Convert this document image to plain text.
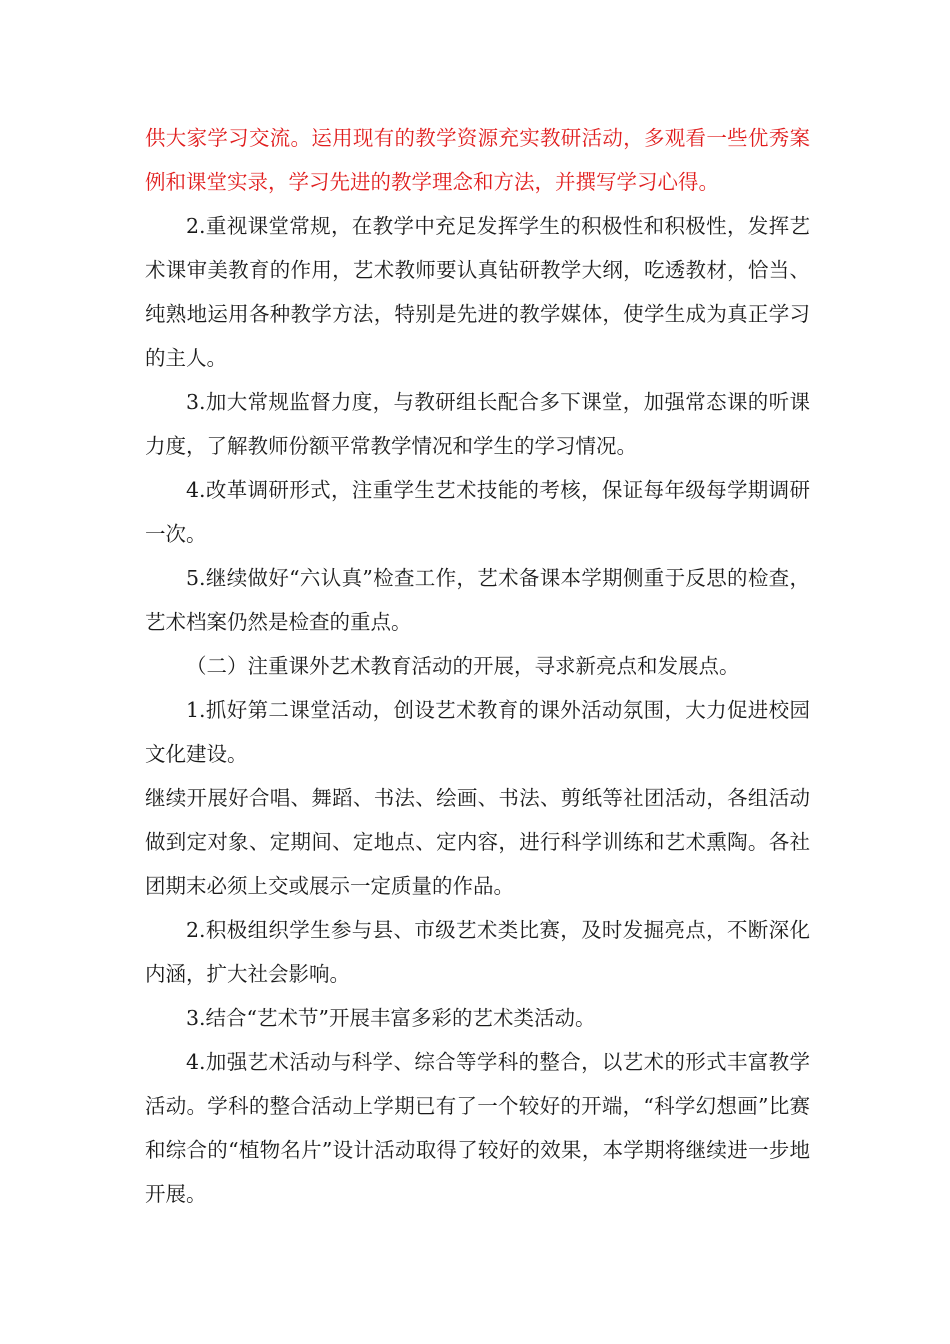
供大家学习交流。运用现有的教学资源充实教研活动，多观看一些优秀案例和课堂实录，学习先进的教学理念和方法，并撰写学习心得。

2.重视课堂常规，在教学中充足发挥学生的积极性和积极性，发挥艺术课审美教育的作用，艺术教师要认真钻研教学大纲，吃透教材，恰当、纯熟地运用各种教学方法，特别是先进的教学媒体，使学生成为真正学习的主人。

3.加大常规监督力度，与教研组长配合多下课堂，加强常态课的听课力度，了解教师份额平常教学情况和学生的学习情况。

4.改革调研形式，注重学生艺术技能的考核，保证每年级每学期调研一次。

5.继续做好“六认真”检查工作，艺术备课本学期侧重于反思的检查，艺术档案仍然是检查的重点。

（二）注重课外艺术教育活动的开展，寻求新亮点和发展点。

1.抓好第二课堂活动，创设艺术教育的课外活动氛围，大力促进校园文化建设。

继续开展好合唱、舞蹈、书法、绘画、书法、剪纸等社团活动，各组活动做到定对象、定期间、定地点、定内容，进行科学训练和艺术熏陶。各社团期末必须上交或展示一定质量的作品。

2.积极组织学生参与县、市级艺术类比赛，及时发掘亮点，不断深化内涵，扩大社会影响。

3.结合“艺术节”开展丰富多彩的艺术类活动。

4.加强艺术活动与科学、综合等学科的整合，以艺术的形式丰富教学活动。学科的整合活动上学期已有了一个较好的开端，“科学幻想画”比赛和综合的“植物名片”设计活动取得了较好的效果，本学期将继续进一步地开展。
